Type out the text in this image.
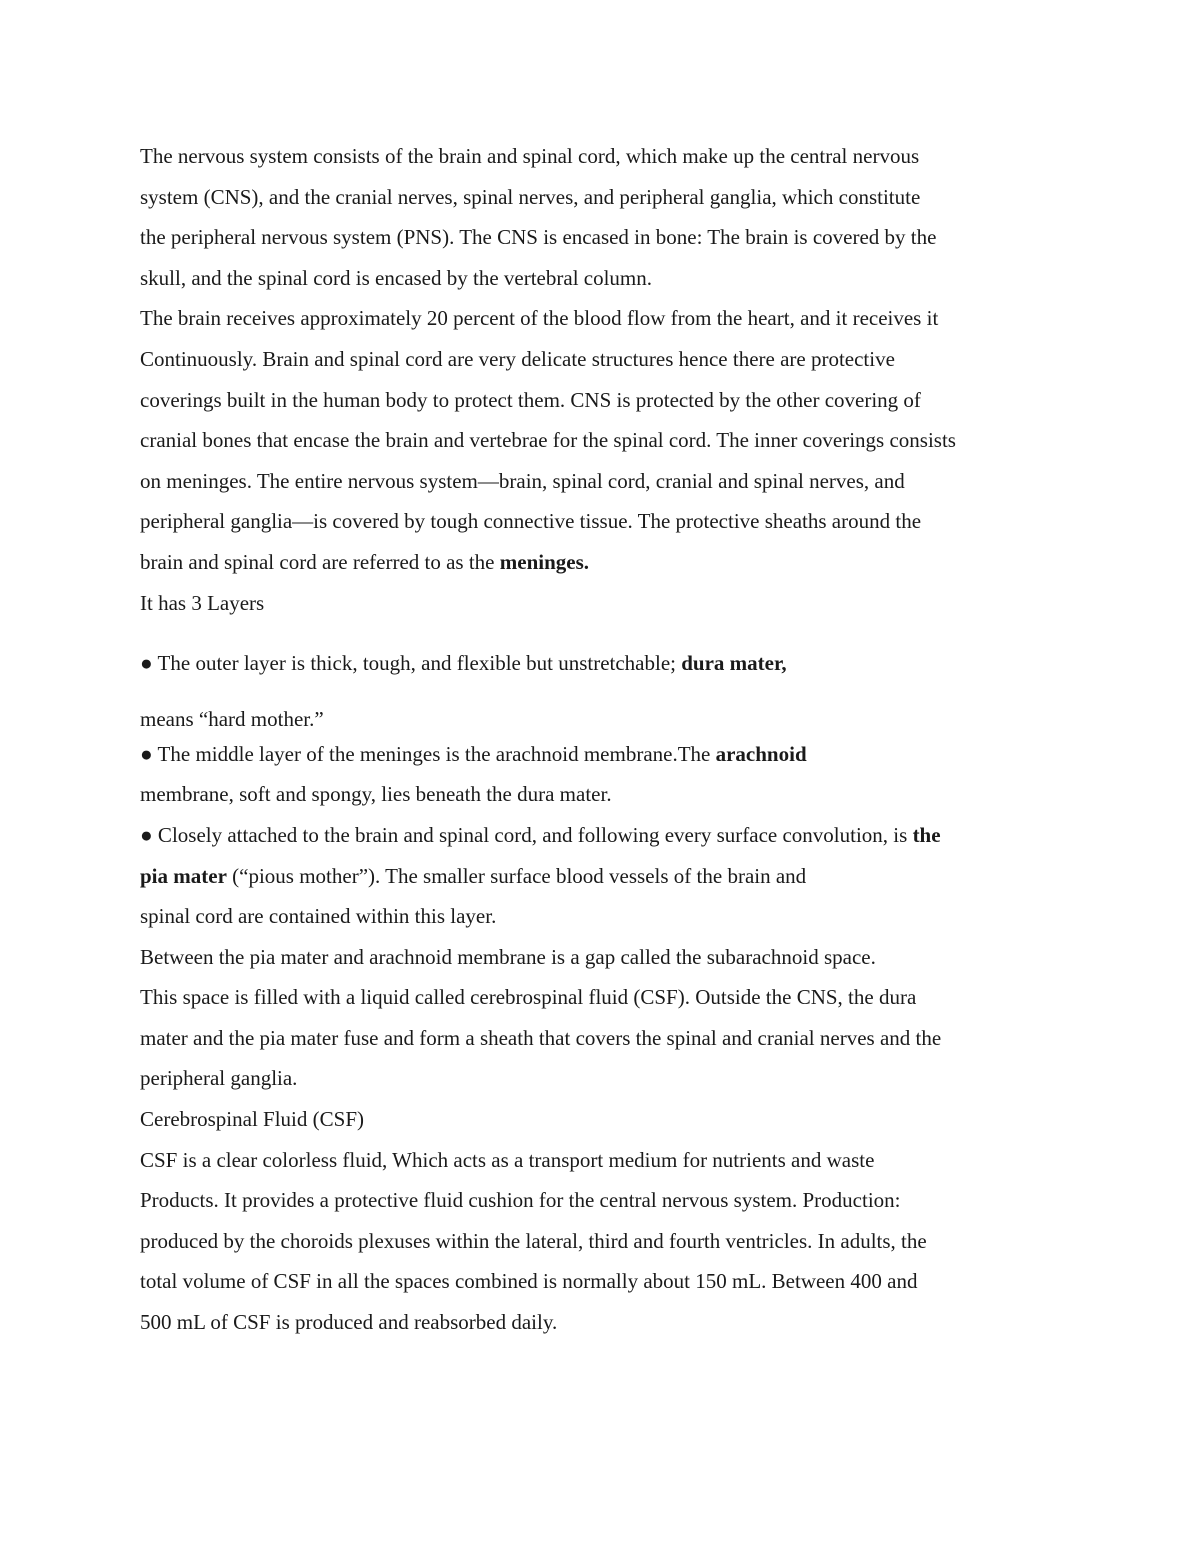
The nervous system consists of the brain and spinal cord, which make up the central nervous
system (CNS), and the cranial nerves, spinal nerves, and peripheral ganglia, which constitute
the peripheral nervous system (PNS). The CNS is encased in bone: The brain is covered by the
skull, and the spinal cord is encased by the vertebral column.
The brain receives approximately 20 percent of the blood flow from the heart, and it receives it
Continuously. Brain and spinal cord are very delicate structures hence there are protective
coverings built in the human body to protect them. CNS is protected by the other covering of
cranial bones that encase the brain and vertebrae for the spinal cord. The inner coverings consists
on meninges. The entire nervous system—brain, spinal cord, cranial and spinal nerves, and
peripheral ganglia—is covered by tough connective tissue. The protective sheaths around the
brain and spinal cord are referred to as the meninges.
It has 3 Layers
● The outer layer is thick, tough, and flexible but unstretchable; dura mater,
means “hard mother.”
● The middle layer of the meninges is the arachnoid membrane.The arachnoid
membrane, soft and spongy, lies beneath the dura mater.
● Closely attached to the brain and spinal cord, and following every surface convolution, is the
pia mater (“pious mother”). The smaller surface blood vessels of the brain and
spinal cord are contained within this layer.
Between the pia mater and arachnoid membrane is a gap called the subarachnoid space.
This space is filled with a liquid called cerebrospinal fluid (CSF). Outside the CNS, the dura
mater and the pia mater fuse and form a sheath that covers the spinal and cranial nerves and the
peripheral ganglia.
Cerebrospinal Fluid (CSF)
CSF is a clear colorless fluid, Which acts as a transport medium for nutrients and waste
Products. It provides a protective fluid cushion for the central nervous system. Production:
produced by the choroids plexuses within the lateral, third and fourth ventricles. In adults, the
total volume of CSF in all the spaces combined is normally about 150 mL. Between 400 and
500 mL of CSF is produced and reabsorbed daily.
